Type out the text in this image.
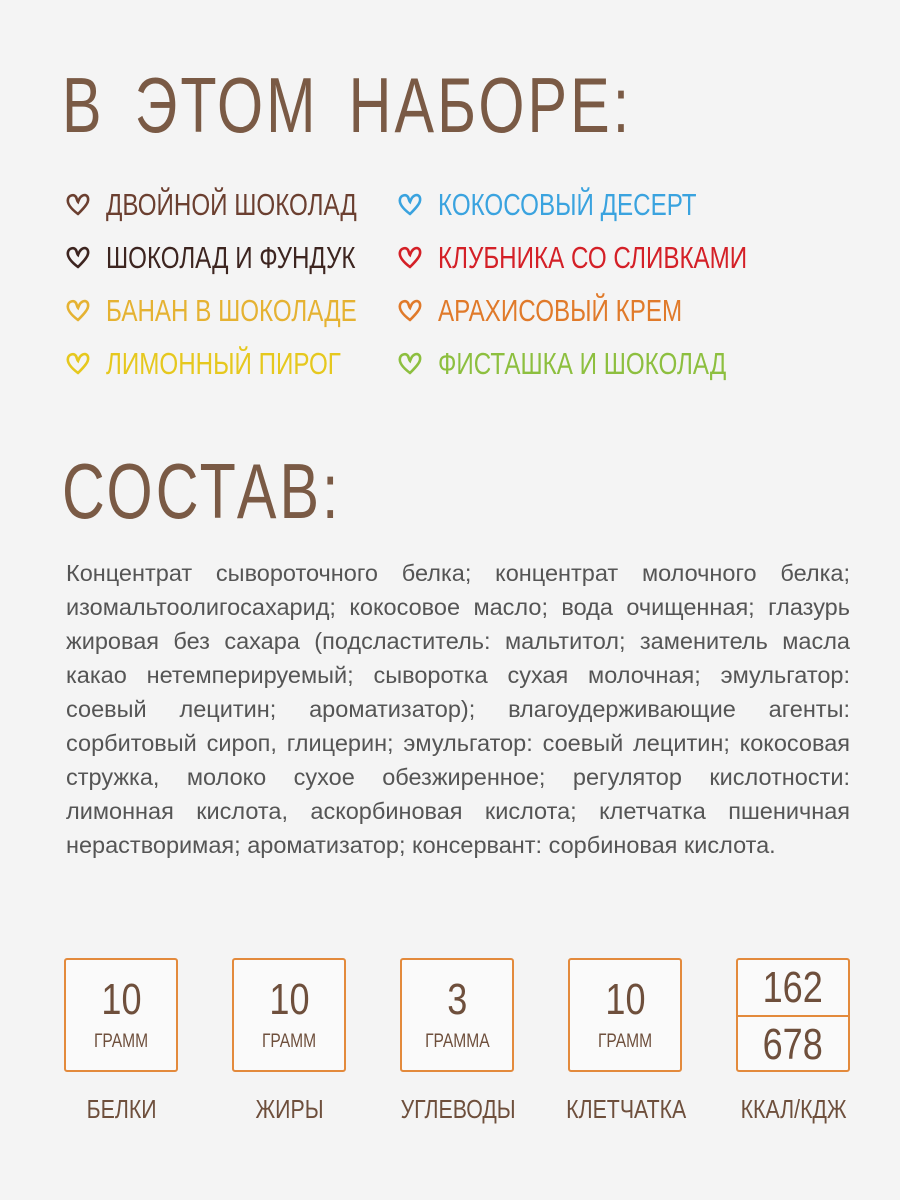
В ЭТОМ НАБОРЕ:
ДВОЙНОЙ ШОКОЛАД
ШОКОЛАД И ФУНДУК
БАНАН В ШОКОЛАДЕ
ЛИМОННЫЙ ПИРОГ
КОКОСОВЫЙ ДЕСЕРТ
КЛУБНИКА СО СЛИВКАМИ
АРАХИСОВЫЙ КРЕМ
ФИСТАШКА И ШОКОЛАД
СОСТАВ:

Концентрат сывороточного белка; концентрат молочного белка; изомальтоолигосахарид; кокосовое масло; вода очищенная; глазурь жировая без сахара (подсластитель: мальтитол; заменитель масла какао нетемперируемый; сыворотка сухая молочная; эмульгатор: соевый лецитин; ароматизатор); влагоудерживающие агенты: сорбитовый сироп, глицерин; эмульгатор: соевый лецитин; кокосовая стружка, молоко сухое обезжиренное; регулятор кислотности: лимонная кислота, аскорбиновая кислота; клетчатка пшеничная нерастворимая; ароматизатор; консервант: сорбиновая кислота.

10
ГРАММ
БЕЛКИ
10
ГРАММ
ЖИРЫ
3
ГРАММА
УГЛЕВОДЫ
10
ГРАММ
КЛЕТЧАТКА
162
678
ККАЛ/КДЖ
